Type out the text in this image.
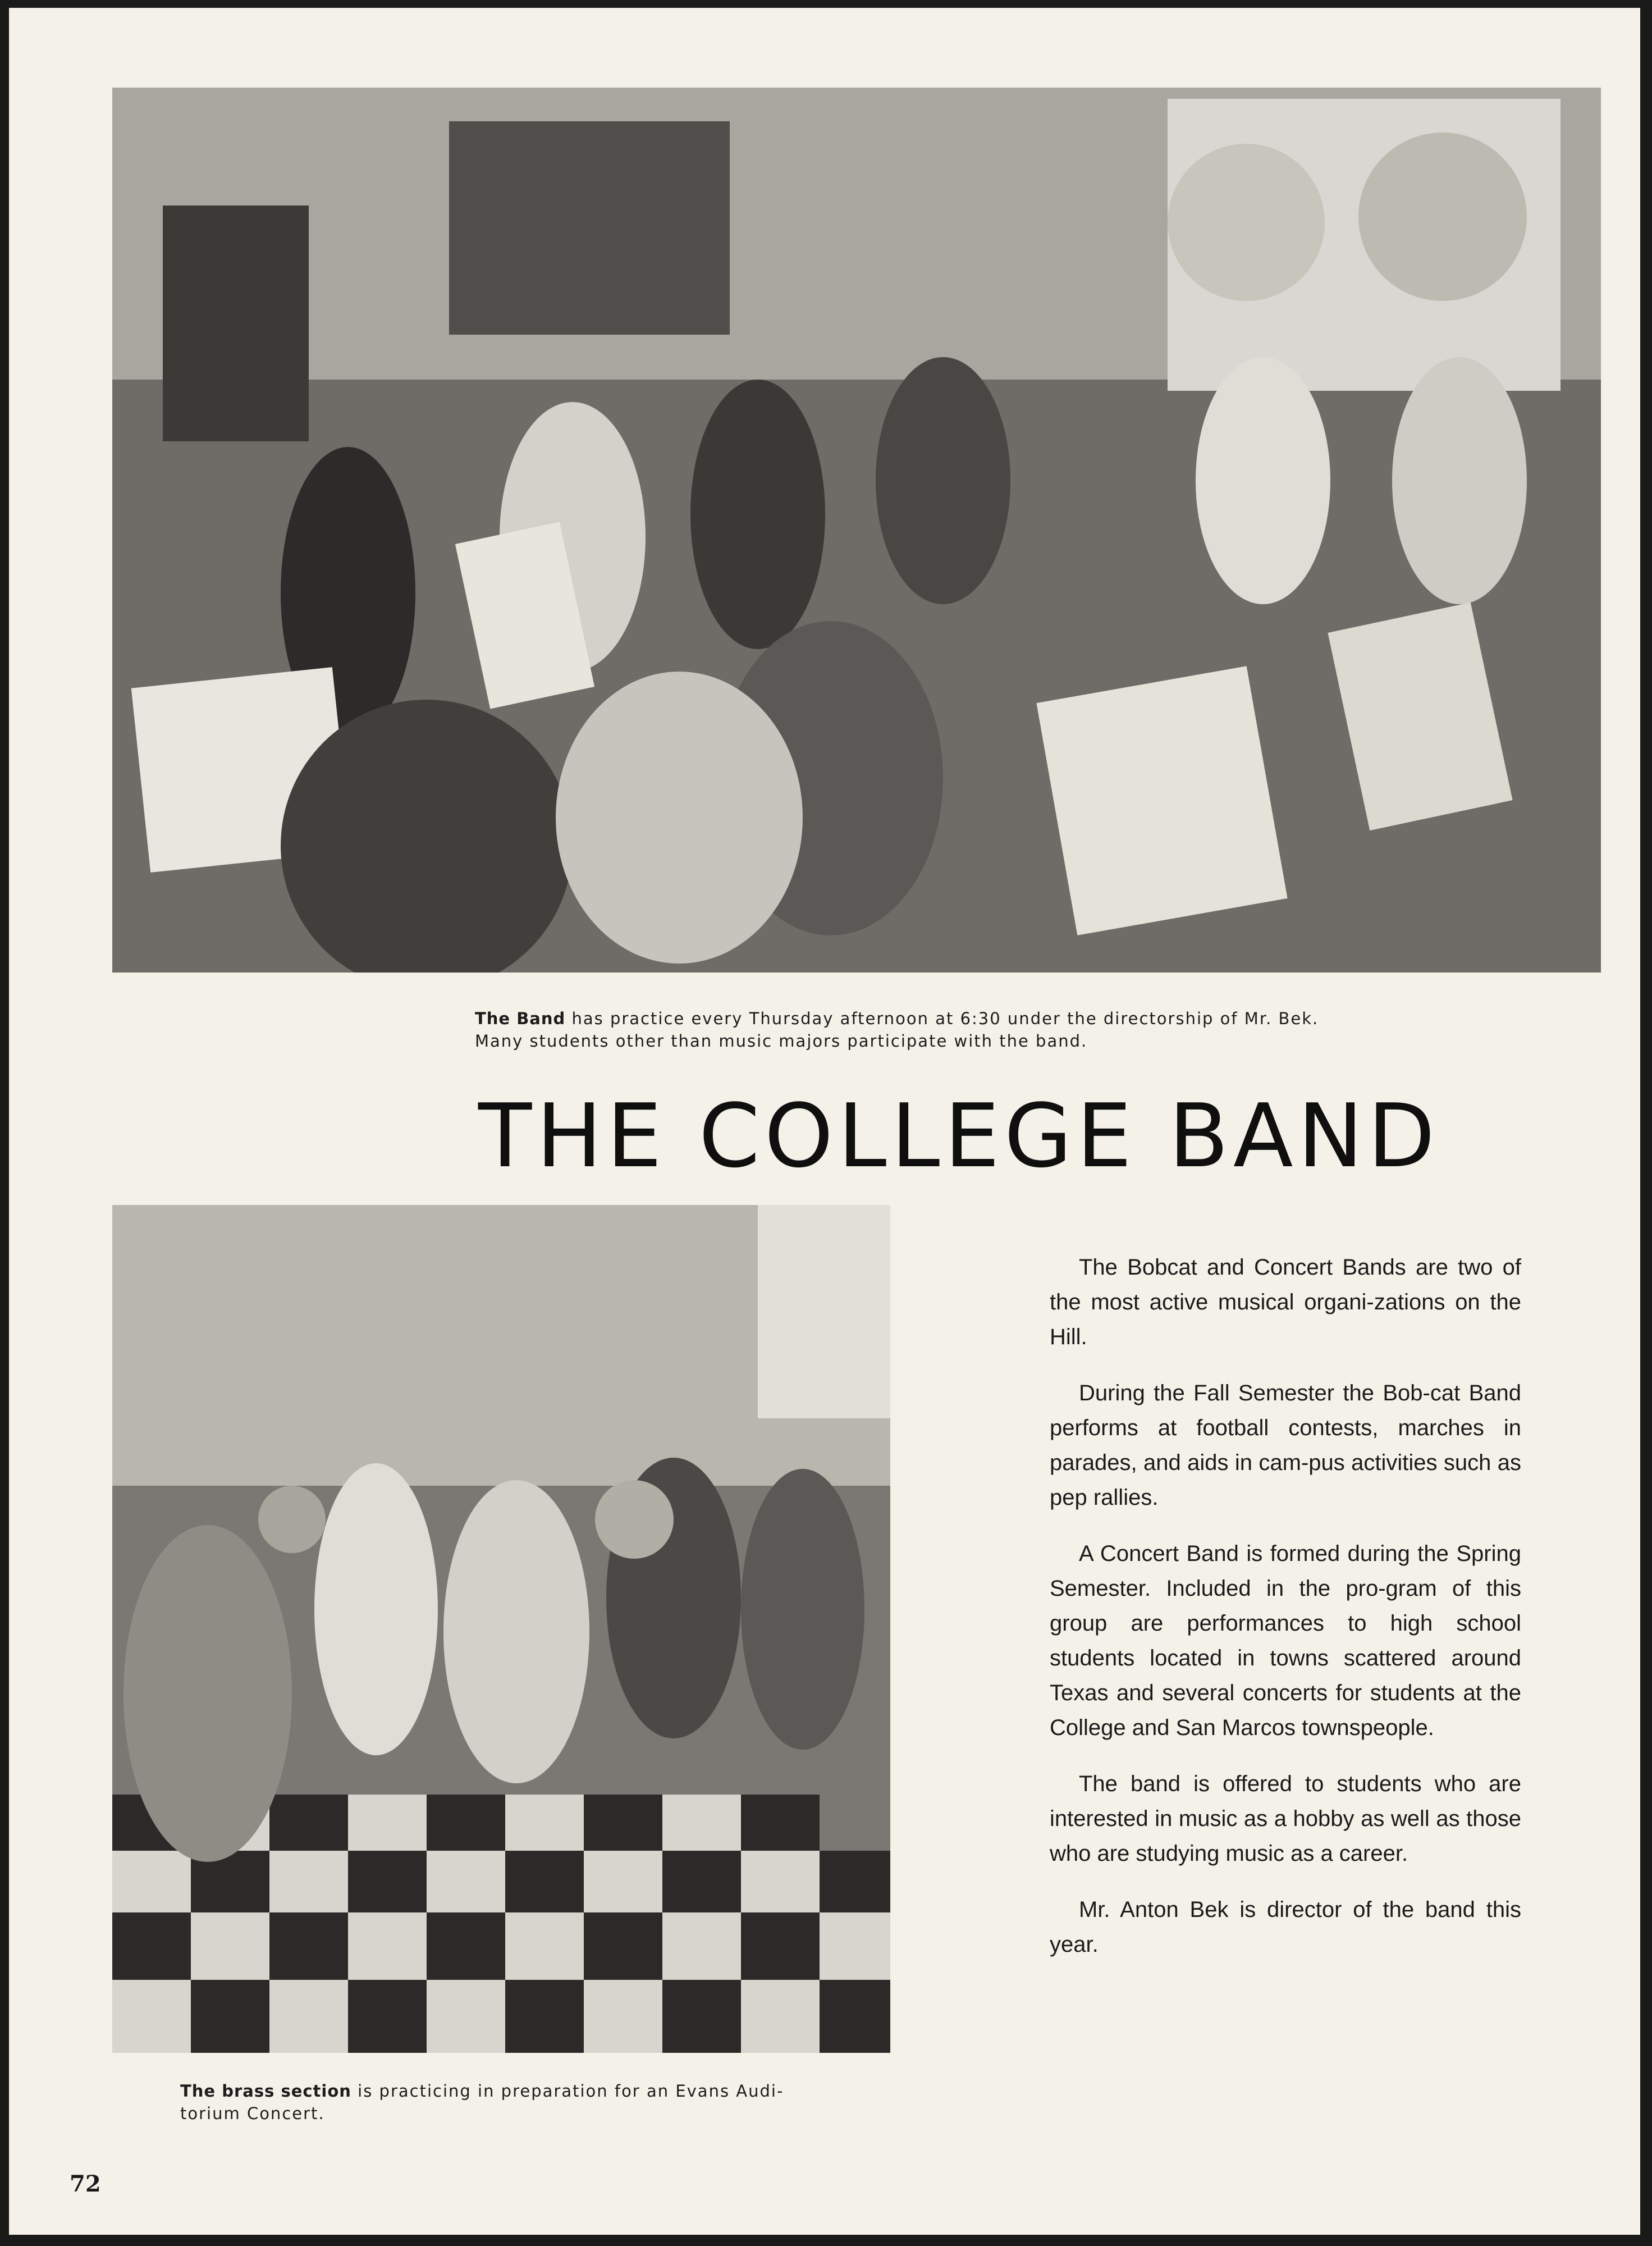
The Band has practice every Thursday afternoon at 6:30 under the directorship of Mr. Bek.
Many students other than music majors participate with the band.
THE COLLEGE BAND
The brass section is practicing in preparation for an Evans Audi-
torium Concert.

The Bobcat and Concert Bands are two of the most active musical organi-zations on the Hill.

During the Fall Semester the Bob-cat Band performs at football contests, marches in parades, and aids in cam-pus activities such as pep rallies.

A Concert Band is formed during the Spring Semester. Included in the pro-gram of this group are performances to high school students located in towns scattered around Texas and several concerts for students at the College and San Marcos townspeople.

The band is offered to students who are interested in music as a hobby as well as those who are studying music as a career.

Mr. Anton Bek is director of the band this year.

72
